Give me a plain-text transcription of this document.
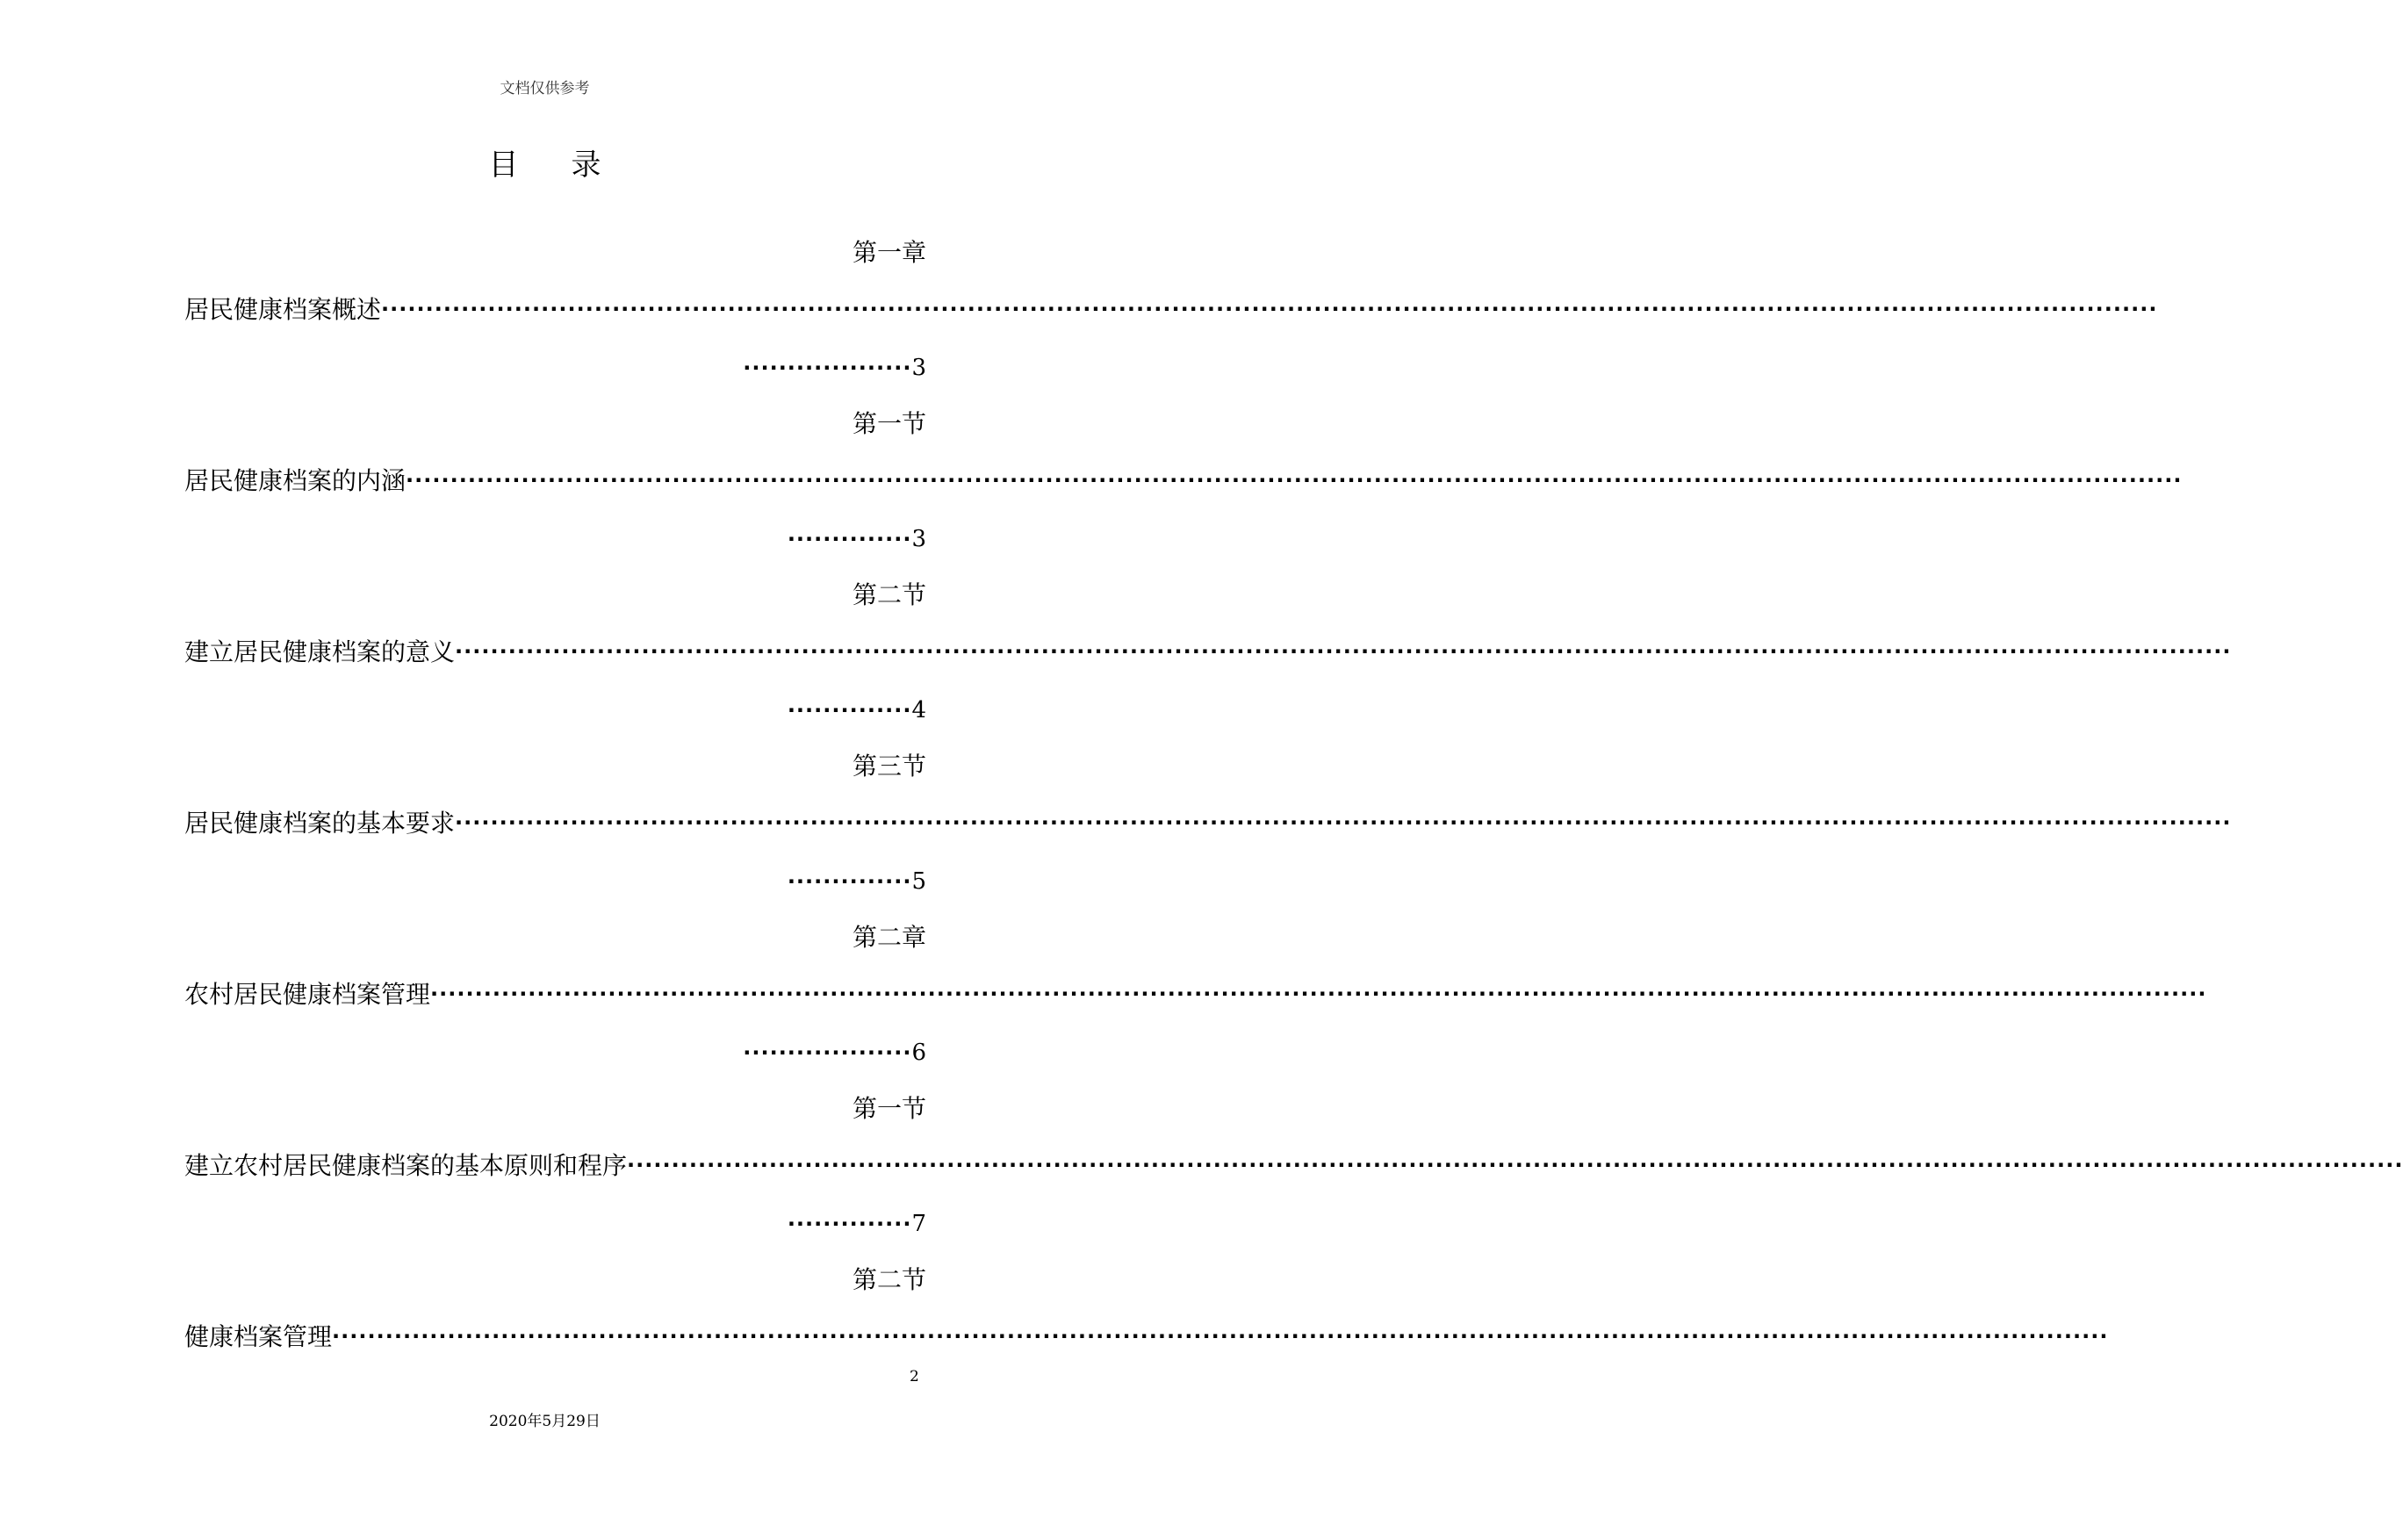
文档仅供参考
目录
第一章
居民健康档案概述 ········································································································································································································
···················3
第一节
居民健康档案的内涵 ········································································································································································································
··············3
第二节
建立居民健康档案的意义 ········································································································································································································
··············4
第三节
居民健康档案的基本要求 ········································································································································································································
··············5
第二章
农村居民健康档案管理 ········································································································································································································
···················6
第一节
建立农村居民健康档案的基本原则和程序 ········································································································································································································
··············7
第二节
健康档案管理 ········································································································································································································
2
2020年5月29日
